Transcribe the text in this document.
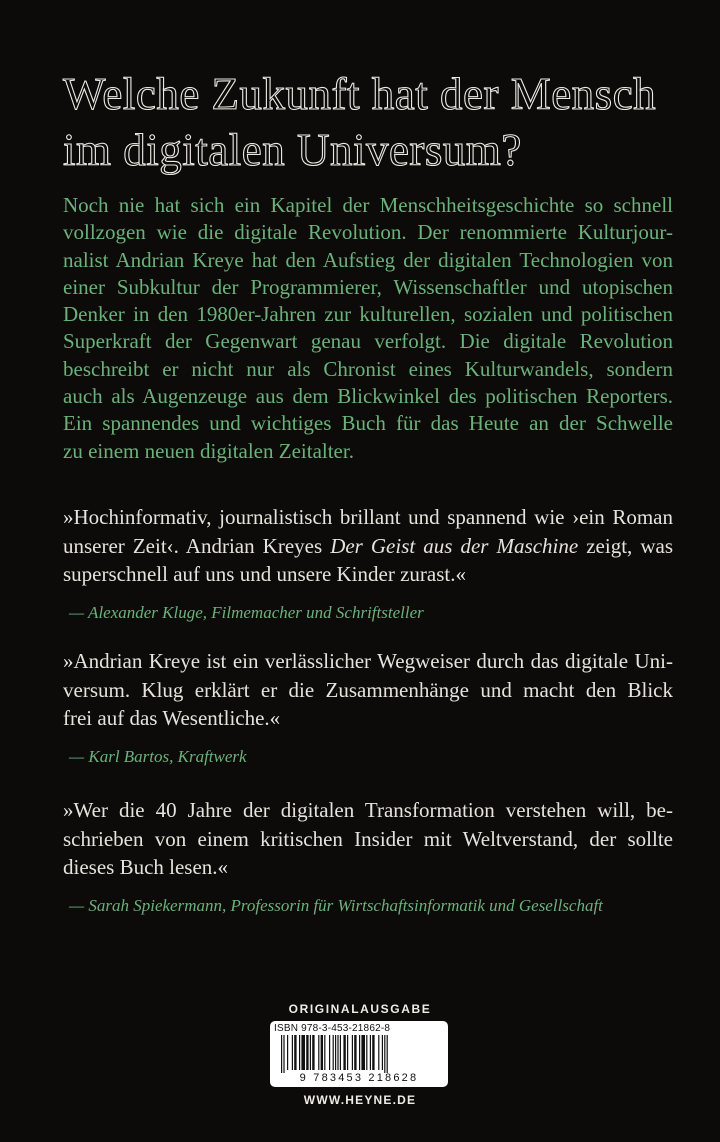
Welche Zukunft hat der Mensch
im digitalen Universum?
Noch nie hat sich ein Kapitel der Menschheitsgeschichte so schnell
vollzogen wie die digitale Revolution. Der renommierte Kulturjour-
nalist Andrian Kreye hat den Aufstieg der digitalen Technologien von
einer Subkultur der Programmierer, Wissenschaftler und utopischen
Denker in den 1980er-Jahren zur kulturellen, sozialen und politischen
Superkraft der Gegenwart genau verfolgt. Die digitale Revolution
beschreibt er nicht nur als Chronist eines Kulturwandels, sondern
auch als Augenzeuge aus dem Blickwinkel des politischen Reporters.
Ein spannendes und wichtiges Buch für das Heute an der Schwelle
zu einem neuen digitalen Zeitalter.
»Hochinformativ, journalistisch brillant und spannend wie ›ein Roman
unserer Zeit‹. Andrian Kreyes Der Geist aus der Maschine zeigt, was
superschnell auf uns und unsere Kinder zurast.«
— Alexander Kluge, Filmemacher und Schriftsteller
»Andrian Kreye ist ein verlässlicher Wegweiser durch das digitale Uni-
versum. Klug erklärt er die Zusammenhänge und macht den Blick
frei auf das Wesentliche.«
— Karl Bartos, Kraftwerk
»Wer die 40 Jahre der digitalen Transformation verstehen will, be-
schrieben von einem kritischen Insider mit Weltverstand, der sollte
dieses Buch lesen.«
— Sarah Spiekermann, Professorin für Wirtschaftsinformatik und Gesellschaft
ORIGINALAUSGABE
ISBN 978-3-453-21862-8
9 783453 218628
WWW.HEYNE.DE
